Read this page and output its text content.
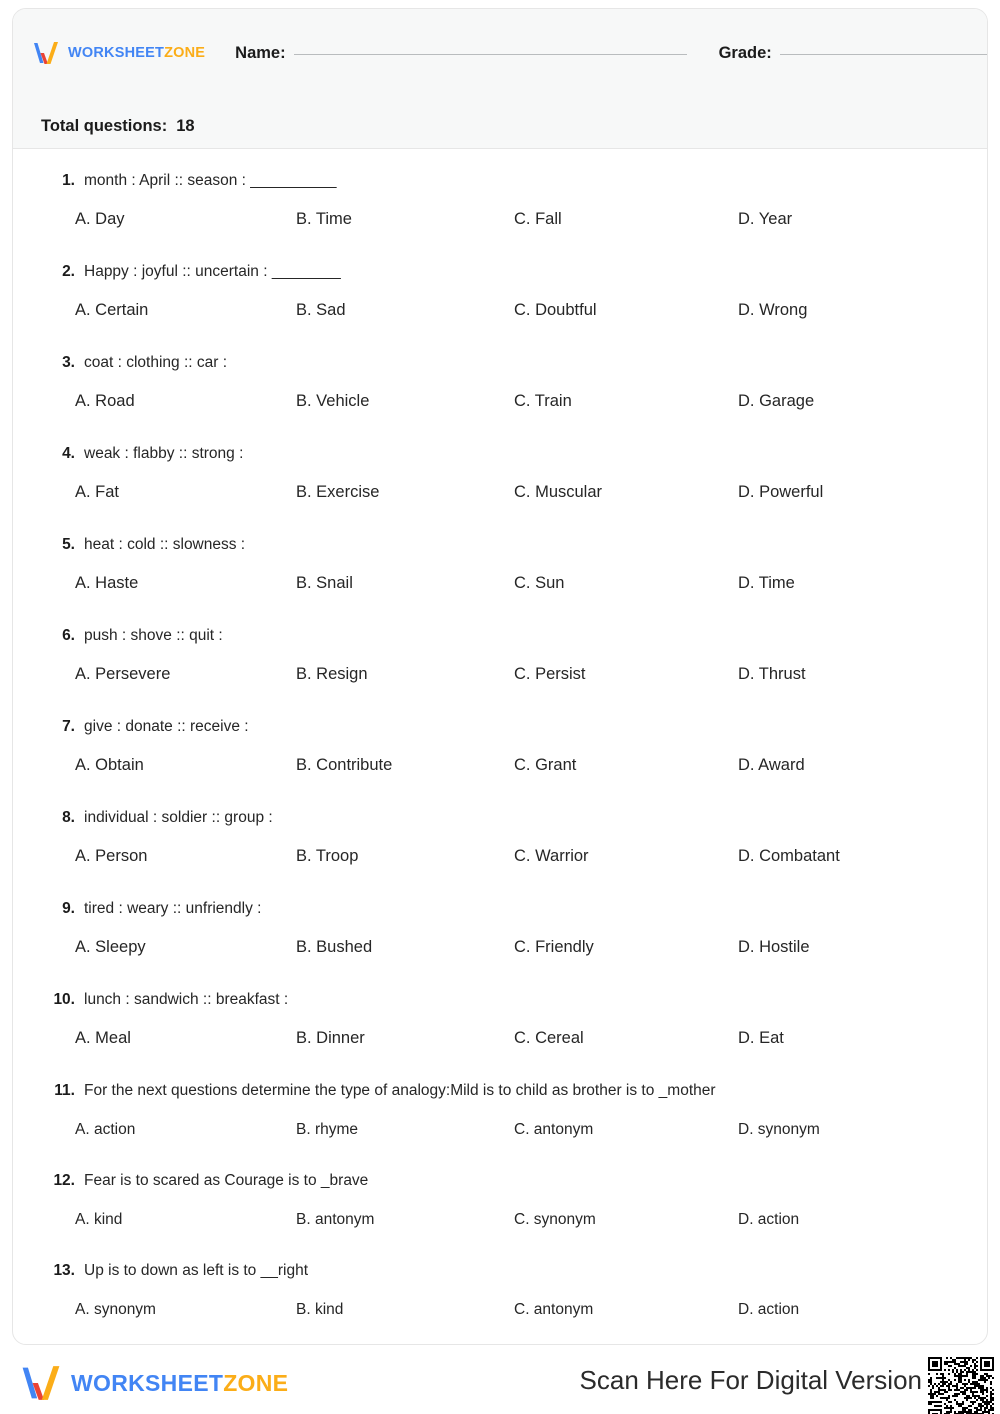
WORKSHEETZONE Name:	Grade:
Total questions: 18
1. month : April :: season : __________
A. Day	B. Time	C. Fall	D. Year
2. Happy : joyful :: uncertain : ________
A. Certain	B. Sad	C. Doubtful	D. Wrong
3. coat : clothing :: car :
A. Road	B. Vehicle	C. Train	D. Garage
4. weak : flabby :: strong :
A. Fat	B. Exercise	C. Muscular	D. Powerful
5. heat : cold :: slowness :
A. Haste	B. Snail	C. Sun	D. Time
6. push : shove :: quit :
A. Persevere	B. Resign	C. Persist	D. Thrust
7. give : donate :: receive :
A. Obtain	B. Contribute	C. Grant	D. Award
8. individual : soldier :: group :
A. Person	B. Troop	C. Warrior	D. Combatant
9. tired : weary :: unfriendly :
A. Sleepy	B. Bushed	C. Friendly	D. Hostile
10. lunch : sandwich :: breakfast :
A. Meal	B. Dinner	C. Cereal	D. Eat
11. For the next questions determine the type of analogy:Mild is to child as brother is to _mother
A. action	B. rhyme	C. antonym	D. synonym
12. Fear is to scared as Courage is to _brave
A. kind	B. antonym	C. synonym	D. action
13. Up is to down as left is to __right
A. synonym	B. kind	C. antonym	D. action
WORKSHEETZONE	Scan Here For Digital Version
